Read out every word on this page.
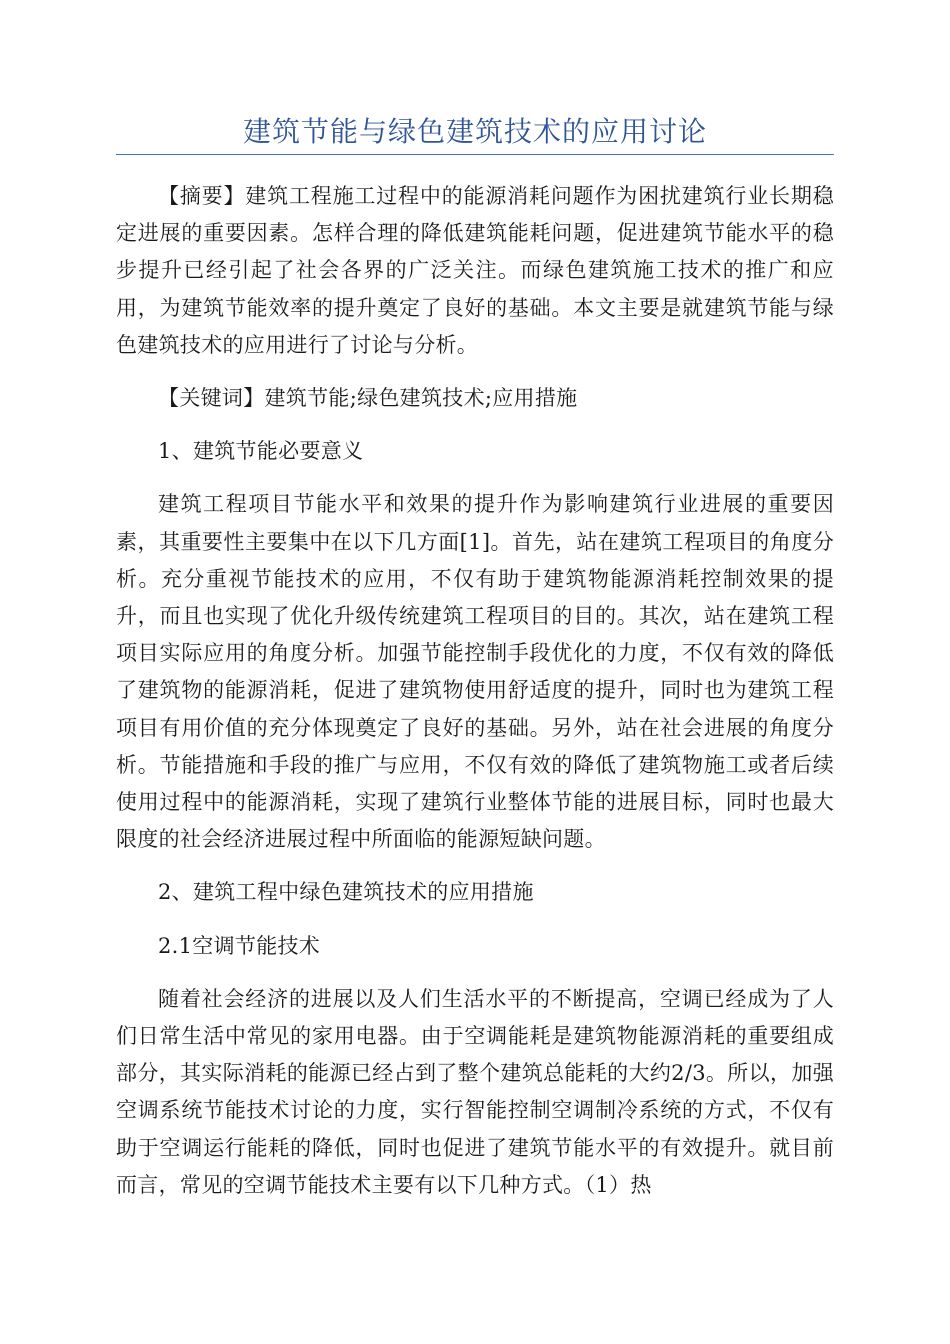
建筑节能与绿色建筑技术的应用讨论

【摘要】建筑工程施工过程中的能源消耗问题作为困扰建筑行业长期稳定进展的重要因素。怎样合理的降低建筑能耗问题，促进建筑节能水平的稳步提升已经引起了社会各界的广泛关注。而绿色建筑施工技术的推广和应用，为建筑节能效率的提升奠定了良好的基础。本文主要是就建筑节能与绿色建筑技术的应用进行了讨论与分析。

【关键词】建筑节能;绿色建筑技术;应用措施

1、建筑节能必要意义

建筑工程项目节能水平和效果的提升作为影响建筑行业进展的重要因素，其重要性主要集中在以下几方面[1]。首先，站在建筑工程项目的角度分析。充分重视节能技术的应用，不仅有助于建筑物能源消耗控制效果的提升，而且也实现了优化升级传统建筑工程项目的目的。其次，站在建筑工程项目实际应用的角度分析。加强节能控制手段优化的力度，不仅有效的降低了建筑物的能源消耗，促进了建筑物使用舒适度的提升，同时也为建筑工程项目有用价值的充分体现奠定了良好的基础。另外，站在社会进展的角度分析。节能措施和手段的推广与应用，不仅有效的降低了建筑物施工或者后续使用过程中的能源消耗，实现了建筑行业整体节能的进展目标，同时也最大限度的社会经济进展过程中所面临的能源短缺问题。

2、建筑工程中绿色建筑技术的应用措施

2.1空调节能技术

随着社会经济的进展以及人们生活水平的不断提高，空调已经成为了人们日常生活中常见的家用电器。由于空调能耗是建筑物能源消耗的重要组成部分，其实际消耗的能源已经占到了整个建筑总能耗的大约2/3。所以，加强空调系统节能技术讨论的力度，实行智能控制空调制冷系统的方式，不仅有助于空调运行能耗的降低，同时也促进了建筑节能水平的有效提升。就目前而言，常见的空调节能技术主要有以下几种方式。（1）热
